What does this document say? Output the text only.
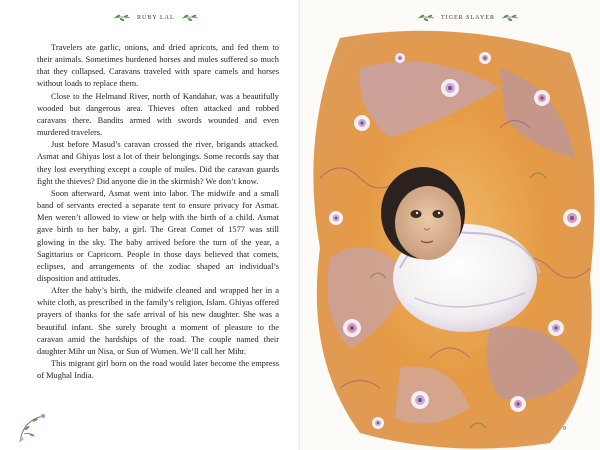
RUBY LAL

Travelers ate garlic, onions, and dried apricots, and fed them to their animals. Sometimes burdened horses and mules suffered so much that they collapsed. Caravans traveled with spare camels and horses without loads to replace them.

Close to the Helmand River, north of Kandahar, was a beautifully wooded but dangerous area. Thieves often attacked and robbed caravans there. Bandits armed with swords wounded and even murdered travelers.

Just before Masud’s caravan crossed the river, brigands attacked. Asmat and Ghiyas lost a lot of their belongings. Some records say that they lost everything except a couple of mules. Did the caravan guards fight the thieves? Did anyone die in the skirmish? We don’t know.

Soon afterward, Asmat went into labor. The midwife and a small band of servants erected a separate tent to ensure privacy for Asmat. Men weren’t allowed to view or help with the birth of a child. Asmat gave birth to her baby, a girl. The Great Comet of 1577 was still glowing in the sky. The baby arrived before the turn of the year, a Sagittarius or Capricorn. People in those days believed that comets, eclipses, and arrangements of the zodiac shaped an individual’s disposition and attitudes.

After the baby’s birth, the midwife cleaned and wrapped her in a white cloth, as prescribed in the family’s religion, Islam. Ghiyas offered prayers of thanks for the safe arrival of his new daughter. She was a beautiful infant. She surely brought a moment of pleasure to the caravan amid the hardships of the road. The couple named their daughter Mihr un Nisa, or Sun of Women. We’ll call her Mihr.

This migrant girl born on the road would later become the empress of Mughal India.

TIGER SLAYER
9
